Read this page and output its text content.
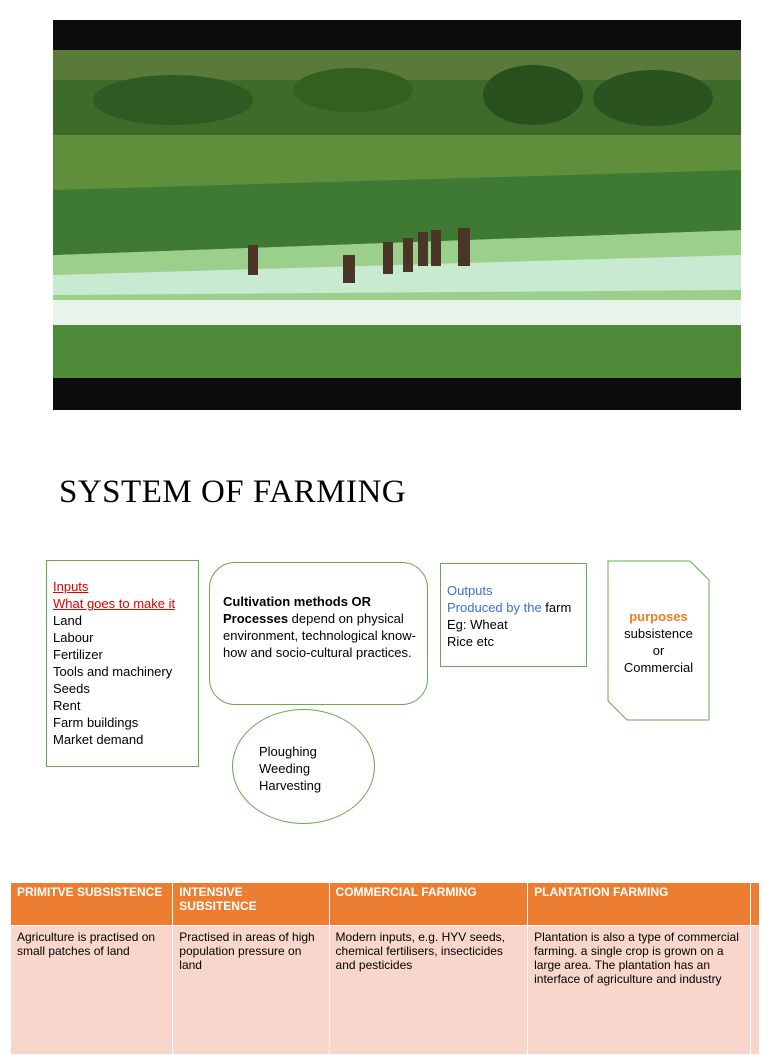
SYSTEM OF FARMING
Inputs
What goes to make it
Land
Labour
Fertilizer
Tools and machinery
Seeds
Rent
Farm buildings
Market demand
Cultivation methods OR
Processes depend on physical environment, technological know-how and socio-cultural practices.
Outputs
Produced by the farm
Eg: Wheat
Rice etc
purposes
subsistence
or
Commercial
Ploughing
Weeding
Harvesting
PRIMITVE SUBSISTENCE	INTENSIVE SUBSITENCE	COMMERCIAL FARMING	PLANTATION FARMING	
Agriculture is practised on small patches of land	Practised in areas of high population pressure on land	Modern inputs, e.g. HYV seeds, chemical fertilisers, insecticides and pesticides	Plantation is also a type of commercial farming. a single crop is grown on a large area. The plantation has an interface of agriculture and industry	
